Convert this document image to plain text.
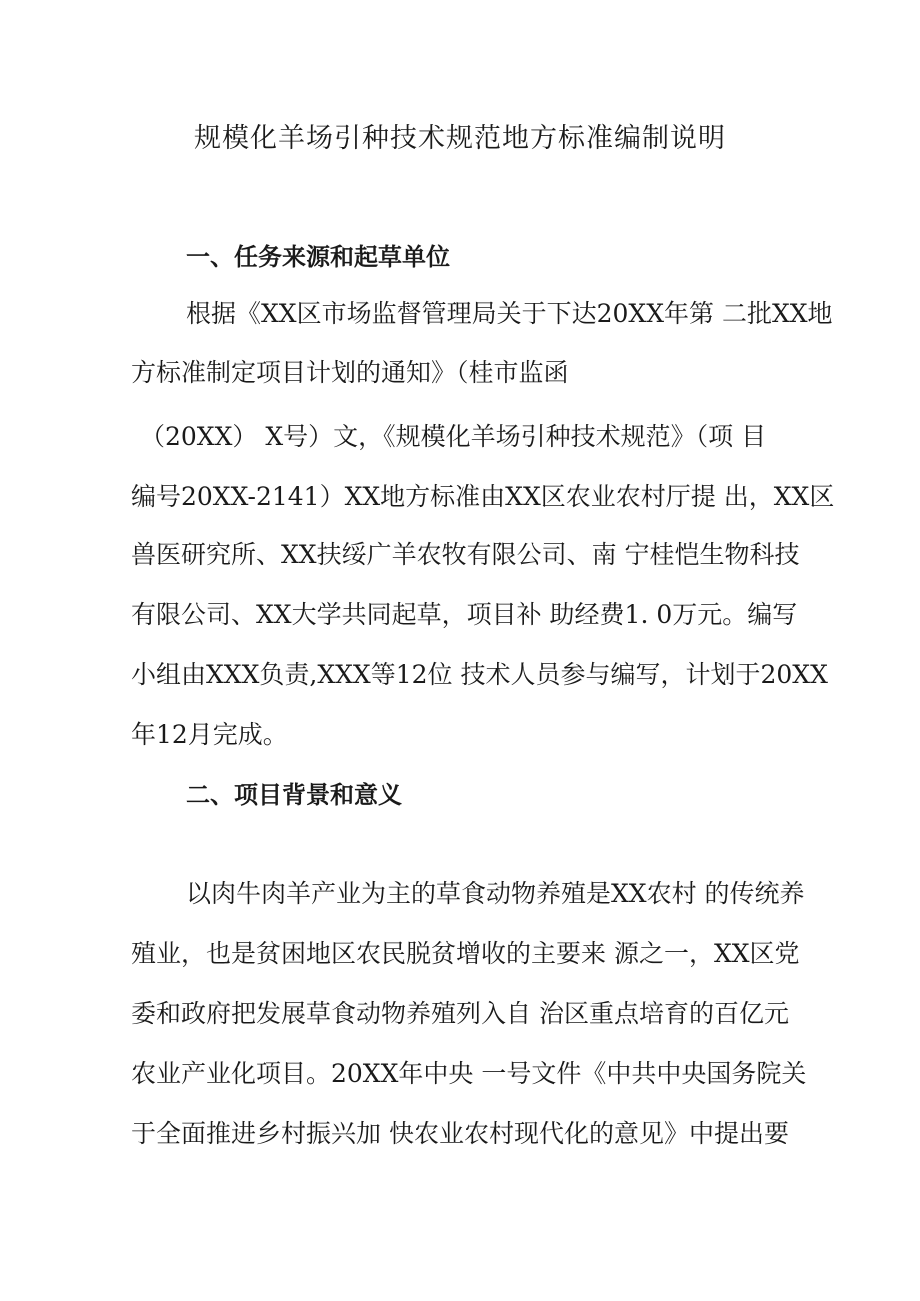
规模化羊场引种技术规范地方标准编制说明

一、任务来源和起草单位

根据《XX区市场监督管理局关于下达20XX年第 二批XX地

方标准制定项目计划的通知》（桂市监函

（20XX） X号）文，《规模化羊场引种技术规范》（项 目

编号20XX-2141）XX地方标准由XX区农业农村厅提 出，XX区

兽医研究所、XX扶绥广羊农牧有限公司、南 宁桂恺生物科技

有限公司、XX大学共同起草，项目补 助经费1. 0万元。编写

小组由XXX负责,XXX等12位 技术人员参与编写，计划于20XX

年12月完成。

二、项目背景和意义

以肉牛肉羊产业为主的草食动物养殖是XX农村 的传统养

殖业，也是贫困地区农民脱贫增收的主要来 源之一，XX区党

委和政府把发展草食动物养殖列入自 治区重点培育的百亿元

农业产业化项目。20XX年中央 一号文件《中共中央国务院关

于全面推进乡村振兴加 快农业农村现代化的意见》中提出要
